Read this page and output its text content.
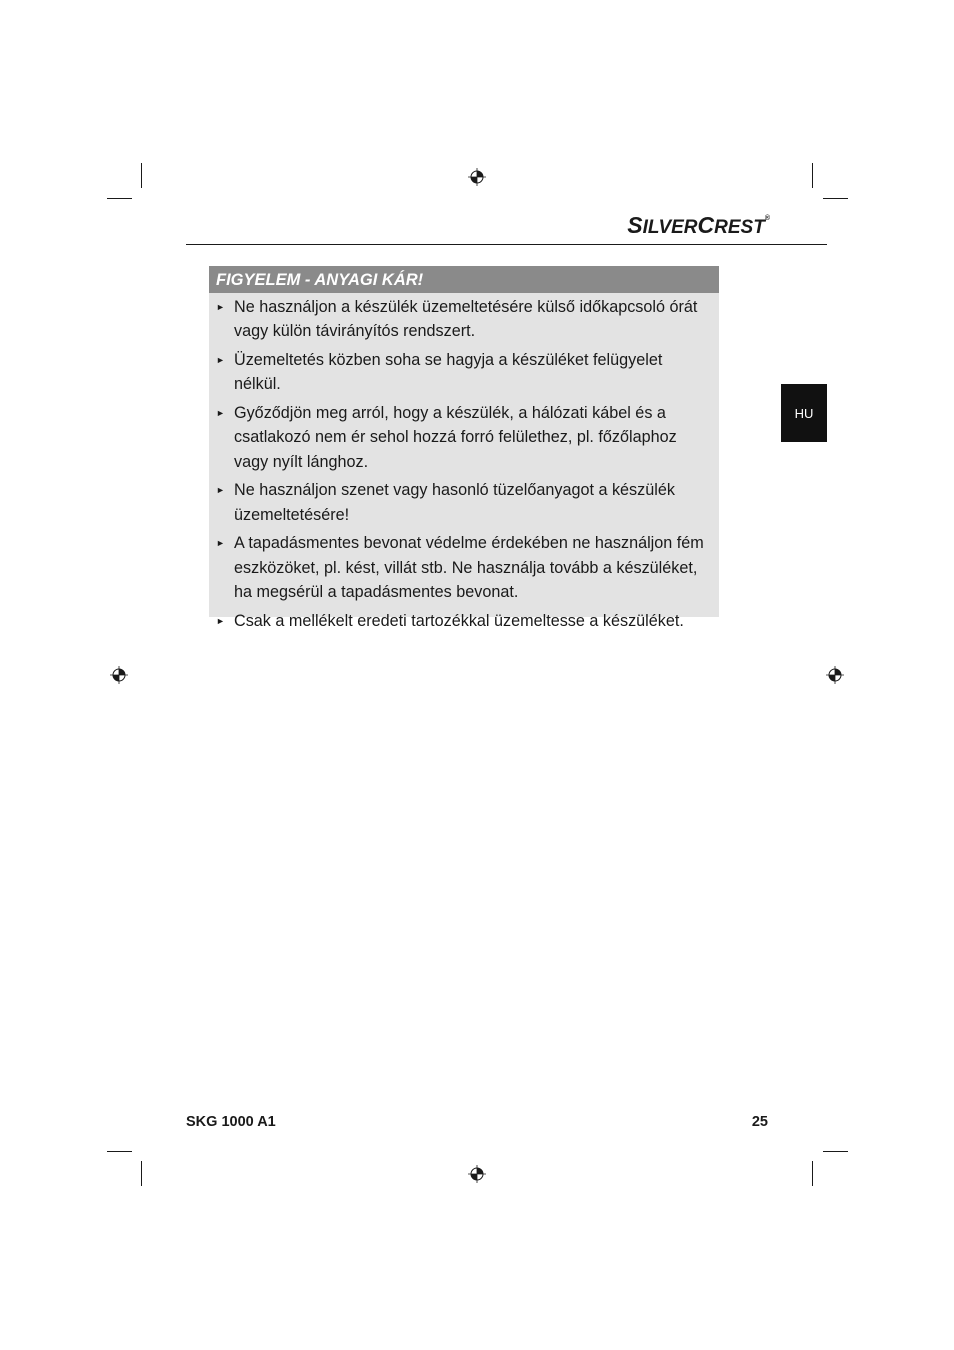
SILVERCREST®
HU
FIGYELEM - ANYAGI KÁR!
► Ne használjon a készülék üzemeltetésére külső időkapcsoló órát vagy külön távirányítós rendszert.
► Üzemeltetés közben soha se hagyja a készüléket felügyelet nélkül.
► Győződjön meg arról, hogy a készülék, a hálózati kábel és a csatlakozó nem ér sehol hozzá forró felülethez, pl. főzőlaphoz vagy nyílt lánghoz.
► Ne használjon szenet vagy hasonló tüzelőanyagot a készülék üzemeltetésére!
► A tapadásmentes bevonat védelme érdekében ne használjon fém eszközöket, pl. kést, villát stb. Ne használja tovább a készüléket, ha megsérül a tapadásmentes bevonat.
► Csak a mellékelt eredeti tartozékkal üzemeltesse a készüléket.
SKG 1000 A1	25
